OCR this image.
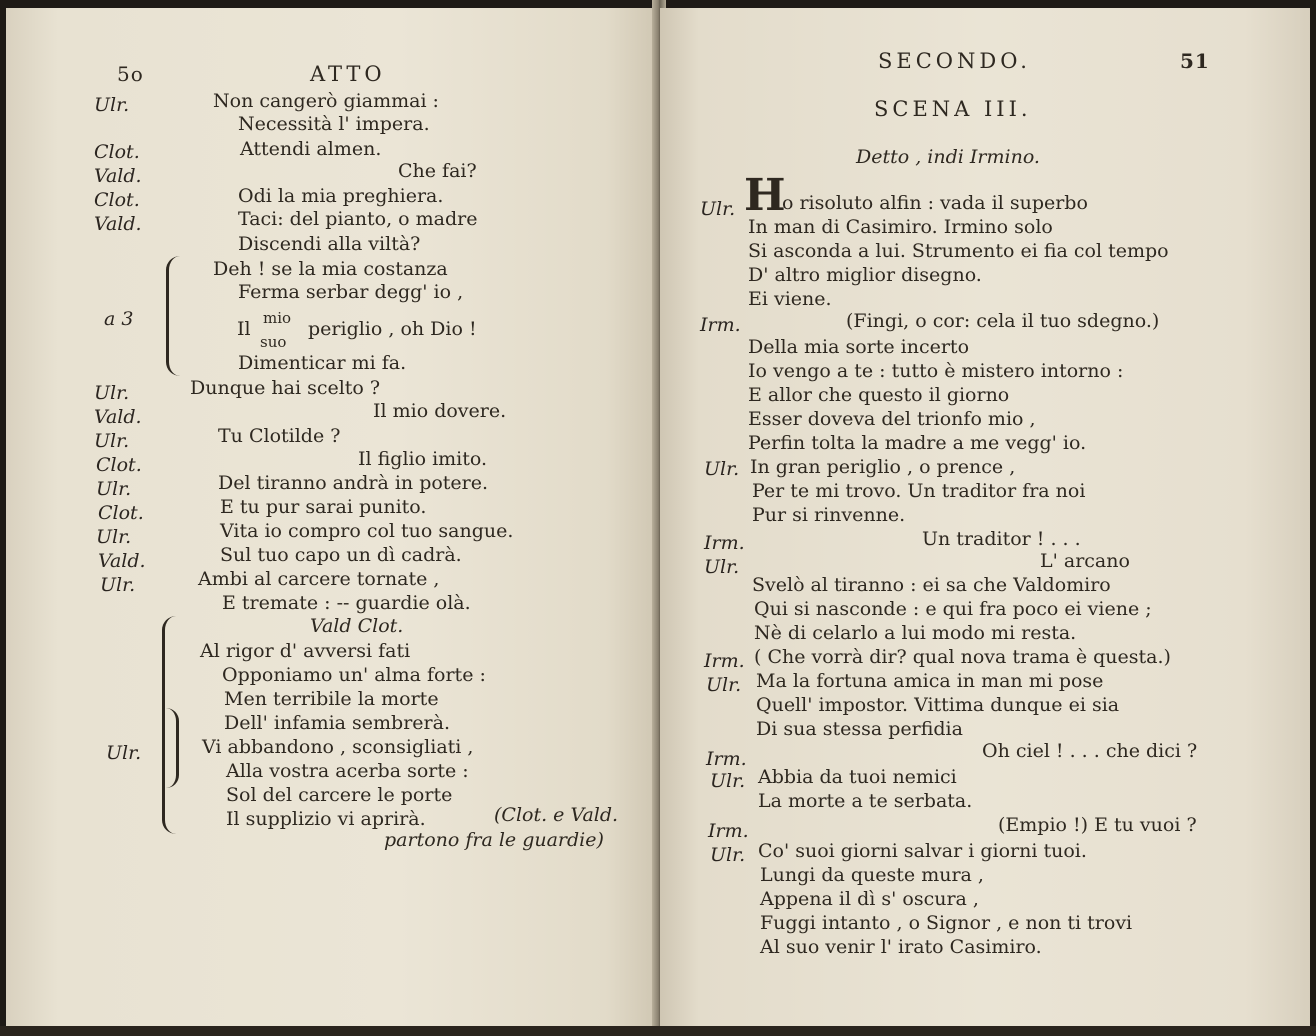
5o	ATTO
Ulr.	Non cangerò giammai :
Necessità l' impera.
Clot.	Attendi almen.
Vald.	Che fai?
Clot.	Odi la mia preghiera.
Vald.	Taci: del pianto, o madre
Discendi alla viltà?
a 3
Deh ! se la mia costanza
Ferma serbar degg' io ,
Il mio
suo
periglio , oh Dio !
Dimenticar mi fa.
Ulr.	Dunque hai scelto ?
Vald.	Il mio dovere.
Ulr.	Tu Clotilde ?
Clot.	Il figlio imito.
Ulr.	Del tiranno andrà in potere.
Clot.	E tu pur sarai punito.
Ulr.	Vita io compro col tuo sangue.
Vald.	Sul tuo capo un dì cadrà.
Ulr.	Ambi al carcere tornate ,
E tremate : -- guardie olà.
Vald Clot.
Al rigor d' avversi fati
Opponiamo un' alma forte :
Men terribile la morte
Dell' infamia sembrerà.
Ulr.	Vi abbandono , sconsigliati ,
Alla vostra acerba sorte :
Sol del carcere le porte
Il supplizio vi aprirà.	(Clot. e Vald.
partono fra le guardie)
SECONDO.	51
SCENA III.
Detto , indi Irmino.
Ulr. H
o risoluto alfin : vada il superbo
In man di Casimiro. Irmino solo
Si asconda a lui. Strumento ei fia col tempo
D' altro miglior disegno.
Ei viene.
Irm.	(Fingi, o cor: cela il tuo sdegno.)
Della mia sorte incerto
Io vengo a te : tutto è mistero intorno :
E allor che questo il giorno
Esser doveva del trionfo mio ,
Perfin tolta la madre a me vegg' io.
Ulr. In gran periglio , o prence ,
Per te mi trovo. Un traditor fra noi
Pur si rinvenne.
Irm.	Un traditor ! . . .
Ulr.	L' arcano
Svelò al tiranno : ei sa che Valdomiro
Qui si nasconde : e qui fra poco ei viene ;
Nè di celarlo a lui modo mi resta.
Irm. ( Che vorrà dir? qual nova trama è questa.)
Ulr. Ma la fortuna amica in man mi pose
Quell' impostor. Vittima dunque ei sia
Di sua stessa perfidia
Irm.	Oh ciel ! . . . che dici ?
Ulr. Abbia da tuoi nemici
La morte a te serbata.
Irm.	(Empio !) E tu vuoi ?
Ulr. Co' suoi giorni salvar i giorni tuoi.
Lungi da queste mura ,
Appena il dì s' oscura ,
Fuggi intanto , o Signor , e non ti trovi
Al suo venir l' irato Casimiro.
